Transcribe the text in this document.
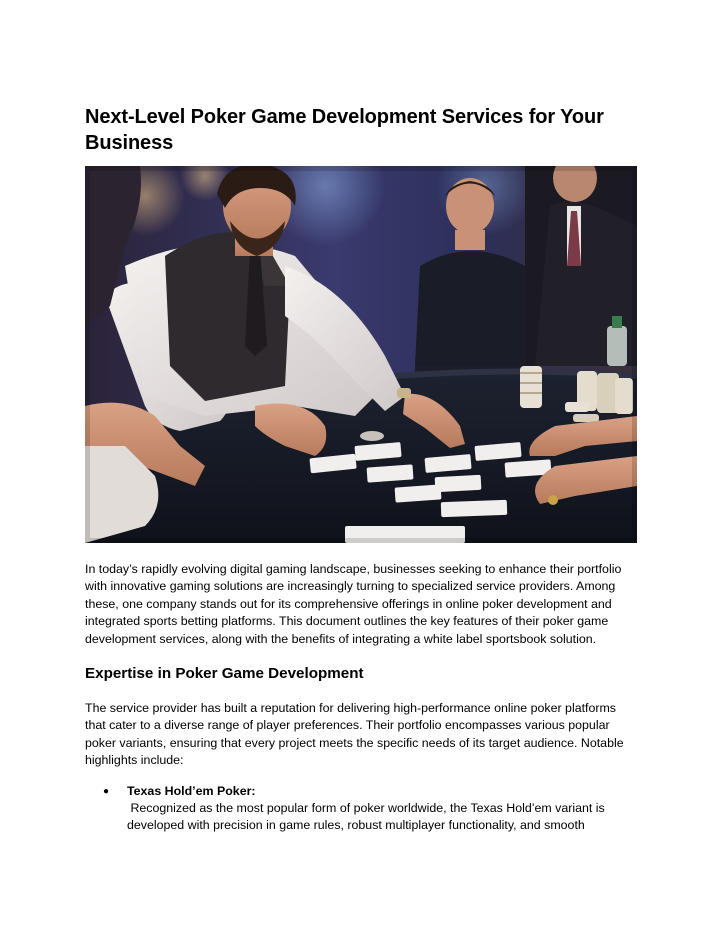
Next-Level Poker Game Development Services for Your Business

In today’s rapidly evolving digital gaming landscape, businesses seeking to enhance their portfolio with innovative gaming solutions are increasingly turning to specialized service providers. Among these, one company stands out for its comprehensive offerings in online poker development and integrated sports betting platforms. This document outlines the key features of their poker game development services, along with the benefits of integrating a white label sportsbook solution.

Expertise in Poker Game Development

The service provider has built a reputation for delivering high-performance online poker platforms that cater to a diverse range of player preferences. Their portfolio encompasses various popular poker variants, ensuring that every project meets the specific needs of its target audience. Notable highlights include:

● Texas Hold’em Poker:
Recognized as the most popular form of poker worldwide, the Texas Hold’em variant is developed with precision in game rules, robust multiplayer functionality, and smooth
